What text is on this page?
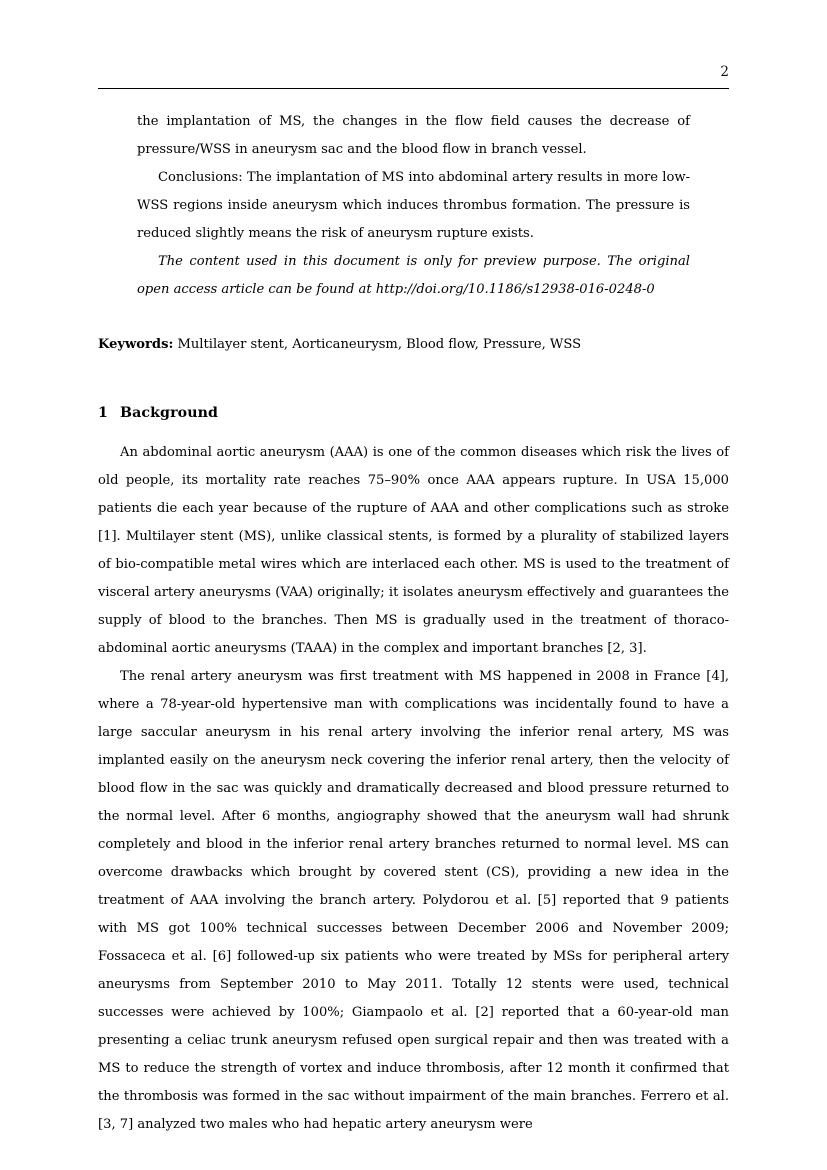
2

the implantation of MS, the changes in the flow field causes the decrease of pressure/WSS in aneurysm sac and the blood flow in branch vessel.

Conclusions: The implantation of MS into abdominal artery results in more low-WSS regions inside aneurysm which induces thrombus formation. The pressure is reduced slightly means the risk of aneurysm rupture exists.

The content used in this document is only for preview purpose. The original open access article can be found at http://doi.org/10.1186/s12938-016-0248-0

Keywords: Multilayer stent, Aorticaneurysm, Blood flow, Pressure, WSS
1 Background

An abdominal aortic aneurysm (AAA) is one of the common diseases which risk the lives of old people, its mortality rate reaches 75–90% once AAA appears rupture. In USA 15,000 patients die each year because of the rupture of AAA and other complications such as stroke [1]. Multilayer stent (MS), unlike classical stents, is formed by a plurality of stabilized layers of bio-compatible metal wires which are interlaced each other. MS is used to the treatment of visceral artery aneurysms (VAA) originally; it isolates aneurysm effectively and guarantees the supply of blood to the branches. Then MS is gradually used in the treatment of thoraco-abdominal aortic aneurysms (TAAA) in the complex and important branches [2, 3].

The renal artery aneurysm was first treatment with MS happened in 2008 in France [4], where a 78-year-old hypertensive man with complications was incidentally found to have a large saccular aneurysm in his renal artery involving the inferior renal artery, MS was implanted easily on the aneurysm neck covering the inferior renal artery, then the velocity of blood flow in the sac was quickly and dramatically decreased and blood pressure returned to the normal level. After 6 months, angiography showed that the aneurysm wall had shrunk completely and blood in the inferior renal artery branches returned to normal level. MS can overcome drawbacks which brought by covered stent (CS), providing a new idea in the treatment of AAA involving the branch artery. Polydorou et al. [5] reported that 9 patients with MS got 100% technical successes between December 2006 and November 2009; Fossaceca et al. [6] followed-up six patients who were treated by MSs for peripheral artery aneurysms from September 2010 to May 2011. Totally 12 stents were used, technical successes were achieved by 100%; Giampaolo et al. [2] reported that a 60-year-old man presenting a celiac trunk aneurysm refused open surgical repair and then was treated with a MS to reduce the strength of vortex and induce thrombosis, after 12 month it confirmed that the thrombosis was formed in the sac without impairment of the main branches. Ferrero et al. [3, 7] analyzed two males who had hepatic artery aneurysm were
